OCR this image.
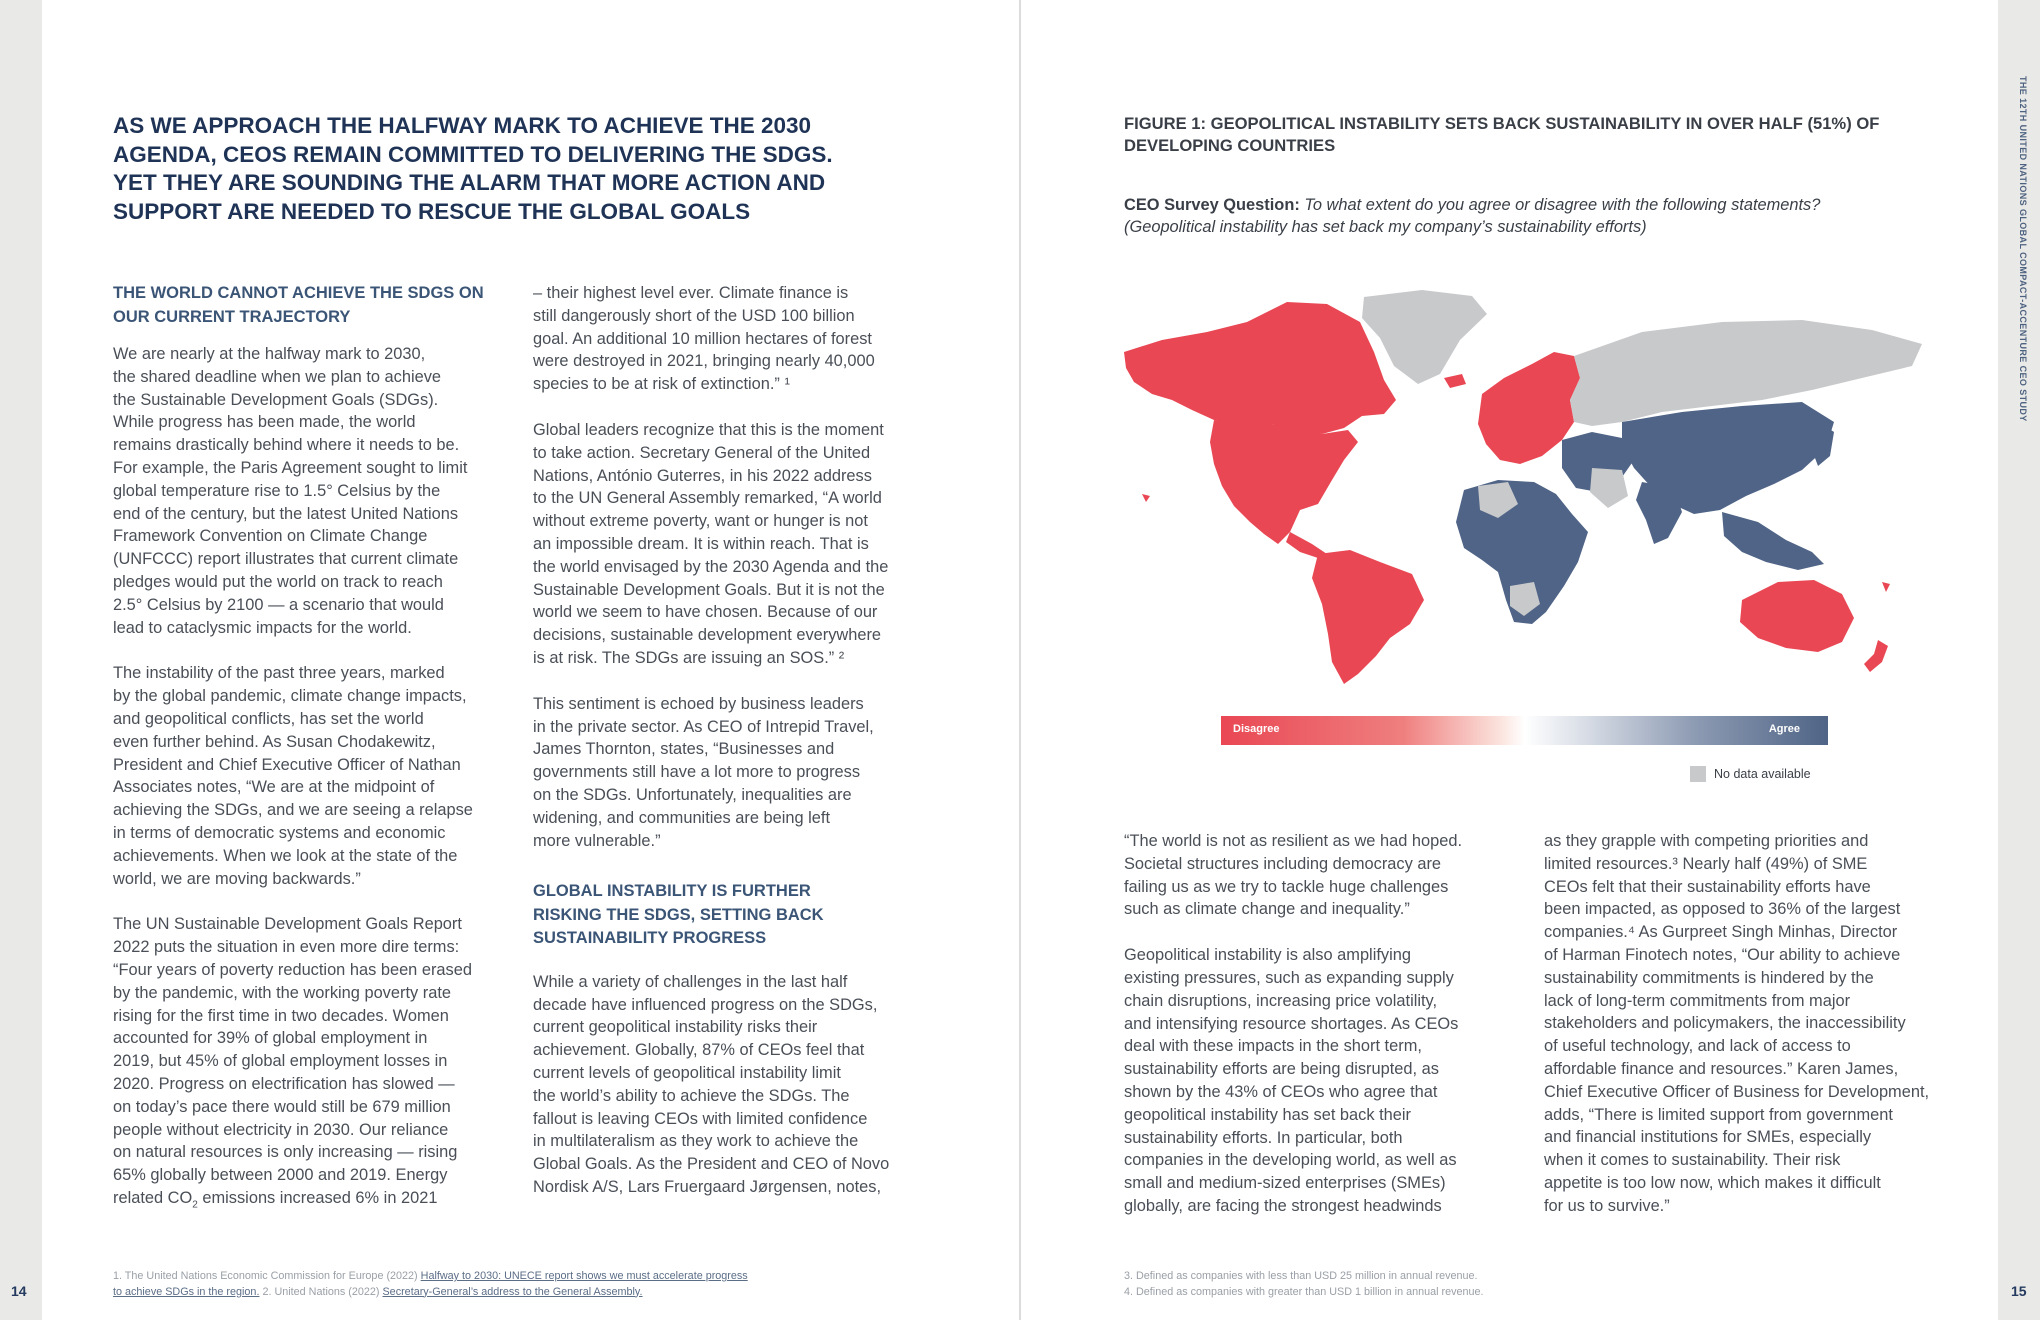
14	15
THE 12TH UNITED NATIONS GLOBAL COMPACT-ACCENTURE CEO STUDY
AS WE APPROACH THE HALFWAY MARK TO ACHIEVE THE 2030 AGENDA, CEOS REMAIN COMMITTED TO DELIVERING THE SDGS. YET THEY ARE SOUNDING THE ALARM THAT MORE ACTION AND SUPPORT ARE NEEDED TO RESCUE THE GLOBAL GOALS
THE WORLD CANNOT ACHIEVE THE SDGS ON OUR CURRENT TRAJECTORY

We are nearly at the halfway mark to 2030,
the shared deadline when we plan to achieve
the Sustainable Development Goals (SDGs).
While progress has been made, the world
remains drastically behind where it needs to be.
For example, the Paris Agreement sought to limit
global temperature rise to 1.5° Celsius by the
end of the century, but the latest United Nations
Framework Convention on Climate Change
(UNFCCC) report illustrates that current climate
pledges would put the world on track to reach
2.5° Celsius by 2100 — a scenario that would
lead to cataclysmic impacts for the world.

The instability of the past three years, marked
by the global pandemic, climate change impacts,
and geopolitical conflicts, has set the world
even further behind. As Susan Chodakewitz,
President and Chief Executive Officer of Nathan
Associates notes, “We are at the midpoint of
achieving the SDGs, and we are seeing a relapse
in terms of democratic systems and economic
achievements. When we look at the state of the
world, we are moving backwards.”

The UN Sustainable Development Goals Report
2022 puts the situation in even more dire terms:
“Four years of poverty reduction has been erased
by the pandemic, with the working poverty rate
rising for the first time in two decades. Women
accounted for 39% of global employment in
2019, but 45% of global employment losses in
2020. Progress on electrification has slowed —
on today’s pace there would still be 679 million
people without electricity in 2030. Our reliance
on natural resources is only increasing — rising
65% globally between 2000 and 2019. Energy

related $CO_2$ emissions increased 6% in 2021

– their highest level ever. Climate finance is
still dangerously short of the USD 100 billion
goal. An additional 10 million hectares of forest
were destroyed in 2021, bringing nearly 40,000
species to be at risk of extinction.” ¹

Global leaders recognize that this is the moment
to take action. Secretary General of the United
Nations, António Guterres, in his 2022 address
to the UN General Assembly remarked, “A world
without extreme poverty, want or hunger is not
an impossible dream. It is within reach. That is
the world envisaged by the 2030 Agenda and the
Sustainable Development Goals. But it is not the
world we seem to have chosen. Because of our
decisions, sustainable development everywhere
is at risk. The SDGs are issuing an SOS.” ²

This sentiment is echoed by business leaders
in the private sector. As CEO of Intrepid Travel,
James Thornton, states, “Businesses and
governments still have a lot more to progress
on the SDGs. Unfortunately, inequalities are
widening, and communities are being left
more vulnerable.”

GLOBAL INSTABILITY IS FURTHER RISKING THE SDGS, SETTING BACK SUSTAINABILITY PROGRESS

While a variety of challenges in the last half
decade have influenced progress on the SDGs,
current geopolitical instability risks their
achievement. Globally, 87% of CEOs feel that
current levels of geopolitical instability limit
the world’s ability to achieve the SDGs. The
fallout is leaving CEOs with limited confidence
in multilateralism as they work to achieve the
Global Goals. As the President and CEO of Novo
Nordisk A/S, Lars Fruergaard Jørgensen, notes,

1. The United Nations Economic Commission for Europe (2022) Halfway to 2030: UNECE report shows we must accelerate progress
to achieve SDGs in the region. 2. United Nations (2022) Secretary-General’s address to the General Assembly.
FIGURE 1: GEOPOLITICAL INSTABILITY SETS BACK SUSTAINABILITY IN OVER HALF (51%) OF DEVELOPING COUNTRIES
CEO Survey Question: To what extent do you agree or disagree with the following statements?
(Geopolitical instability has set back my company’s sustainability efforts)
Disagree	Agree
No data available

“The world is not as resilient as we had hoped.
Societal structures including democracy are
failing us as we try to tackle huge challenges
such as climate change and inequality.”

Geopolitical instability is also amplifying
existing pressures, such as expanding supply
chain disruptions, increasing price volatility,
and intensifying resource shortages. As CEOs
deal with these impacts in the short term,
sustainability efforts are being disrupted, as
shown by the 43% of CEOs who agree that
geopolitical instability has set back their
sustainability efforts. In particular, both
companies in the developing world, as well as
small and medium-sized enterprises (SMEs)
globally, are facing the strongest headwinds

as they grapple with competing priorities and
limited resources.³ Nearly half (49%) of SME
CEOs felt that their sustainability efforts have
been impacted, as opposed to 36% of the largest
companies.⁴ As Gurpreet Singh Minhas, Director
of Harman Finotech notes, “Our ability to achieve
sustainability commitments is hindered by the
lack of long-term commitments from major
stakeholders and policymakers, the inaccessibility
of useful technology, and lack of access to
affordable finance and resources.” Karen James,
Chief Executive Officer of Business for Development,
adds, “There is limited support from government
and financial institutions for SMEs, especially
when it comes to sustainability. Their risk
appetite is too low now, which makes it difficult
for us to survive.”

3. Defined as companies with less than USD 25 million in annual revenue.
4. Defined as companies with greater than USD 1 billion in annual revenue.
